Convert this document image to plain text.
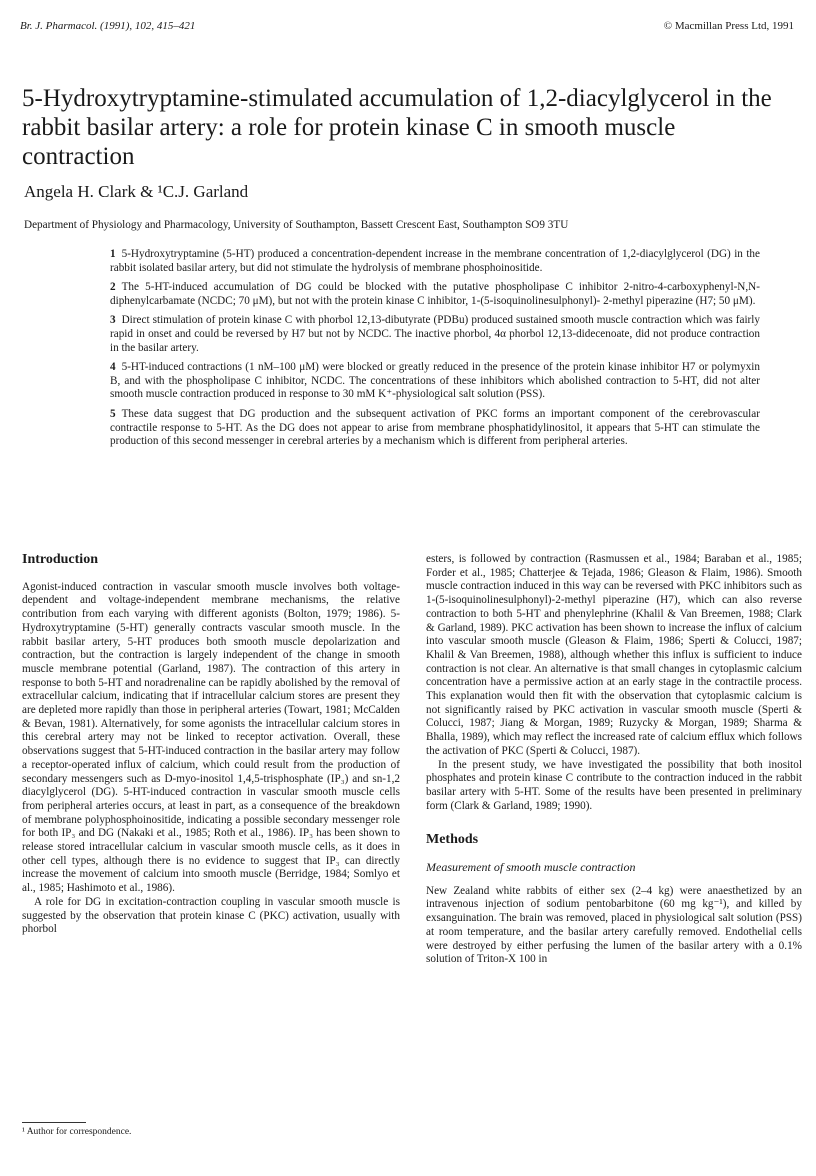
Br. J. Pharmacol. (1991), 102, 415–421	© Macmillan Press Ltd, 1991
5-Hydroxytryptamine-stimulated accumulation of 1,2-diacylglycerol in the rabbit basilar artery: a role for protein kinase C in smooth muscle contraction
Angela H. Clark & ¹C.J. Garland
Department of Physiology and Pharmacology, University of Southampton, Bassett Crescent East, Southampton SO9 3TU

1 5-Hydroxytryptamine (5-HT) produced a concentration-dependent increase in the membrane concentration of 1,2-diacylglycerol (DG) in the rabbit isolated basilar artery, but did not stimulate the hydrolysis of membrane phosphoinositide.

2 The 5-HT-induced accumulation of DG could be blocked with the putative phospholipase C inhibitor 2-nitro-4-carboxyphenyl-N,N-diphenylcarbamate (NCDC; 70 μM), but not with the protein kinase C inhibitor, 1-(5-isoquinolinesulphonyl)- 2-methyl piperazine (H7; 50 μM).

3 Direct stimulation of protein kinase C with phorbol 12,13-dibutyrate (PDBu) produced sustained smooth muscle contraction which was fairly rapid in onset and could be reversed by H7 but not by NCDC. The inactive phorbol, 4α phorbol 12,13-didecenoate, did not produce contraction in the basilar artery.

4 5-HT-induced contractions (1 nM–100 μM) were blocked or greatly reduced in the presence of the protein kinase inhibitor H7 or polymyxin B, and with the phospholipase C inhibitor, NCDC. The concentrations of these inhibitors which abolished contraction to 5-HT, did not alter smooth muscle contraction produced in response to 30 mM K⁺-physiological salt solution (PSS).

5 These data suggest that DG production and the subsequent activation of PKC forms an important component of the cerebrovascular contractile response to 5-HT. As the DG does not appear to arise from membrane phosphatidylinositol, it appears that 5-HT can stimulate the production of this second messenger in cerebral arteries by a mechanism which is different from peripheral arteries.

Introduction

Agonist-induced contraction in vascular smooth muscle involves both voltage-dependent and voltage-independent membrane mechanisms, the relative contribution from each varying with different agonists (Bolton, 1979; 1986). 5-Hydroxytryptamine (5-HT) generally contracts vascular smooth muscle. In the rabbit basilar artery, 5-HT produces both smooth muscle depolarization and contraction, but the contraction is largely independent of the change in smooth muscle membrane potential (Garland, 1987). The contraction of this artery in response to both 5-HT and noradrenaline can be rapidly abolished by the removal of extracellular calcium, indicating that if intracellular calcium stores are present they are depleted more rapidly than those in peripheral arteries (Towart, 1981; McCalden & Bevan, 1981). Alternatively, for some agonists the intracellular calcium stores in this cerebral artery may not be linked to receptor activation. Overall, these observations suggest that 5-HT-induced contraction in the basilar artery may follow a receptor-operated influx of calcium, which could result from the production of secondary messengers such as D-myo-inositol 1,4,5-trisphosphate (IP₃) and sn-1,2 diacylglycerol (DG). 5-HT-induced contraction in vascular smooth muscle cells from peripheral arteries occurs, at least in part, as a consequence of the breakdown of membrane polyphosphoinositide, indicating a possible secondary messenger role for both IP₃ and DG (Nakaki et al., 1985; Roth et al., 1986). IP₃ has been shown to release stored intracellular calcium in vascular smooth muscle cells, as it does in other cell types, although there is no evidence to suggest that IP₃ can directly increase the movement of calcium into smooth muscle (Berridge, 1984; Somlyo et al., 1985; Hashimoto et al., 1986).

A role for DG in excitation-contraction coupling in vascular smooth muscle is suggested by the observation that protein kinase C (PKC) activation, usually with phorbol

esters, is followed by contraction (Rasmussen et al., 1984; Baraban et al., 1985; Forder et al., 1985; Chatterjee & Tejada, 1986; Gleason & Flaim, 1986). Smooth muscle contraction induced in this way can be reversed with PKC inhibitors such as 1-(5-isoquinolinesulphonyl)-2-methyl piperazine (H7), which can also reverse contraction to both 5-HT and phenylephrine (Khalil & Van Breemen, 1988; Clark & Garland, 1989). PKC activation has been shown to increase the influx of calcium into vascular smooth muscle (Gleason & Flaim, 1986; Sperti & Colucci, 1987; Khalil & Van Breemen, 1988), although whether this influx is sufficient to induce contraction is not clear. An alternative is that small changes in cytoplasmic calcium concentration have a permissive action at an early stage in the contractile process. This explanation would then fit with the observation that cytoplasmic calcium is not significantly raised by PKC activation in vascular smooth muscle (Sperti & Colucci, 1987; Jiang & Morgan, 1989; Ruzycky & Morgan, 1989; Sharma & Bhalla, 1989), which may reflect the increased rate of calcium efflux which follows the activation of PKC (Sperti & Colucci, 1987).

In the present study, we have investigated the possibility that both inositol phosphates and protein kinase C contribute to the contraction induced in the rabbit basilar artery with 5-HT. Some of the results have been presented in preliminary form (Clark & Garland, 1989; 1990).

Methods
Measurement of smooth muscle contraction

New Zealand white rabbits of either sex (2–4 kg) were anaesthetized by an intravenous injection of sodium pentobarbitone (60 mg kg⁻¹), and killed by exsanguination. The brain was removed, placed in physiological salt solution (PSS) at room temperature, and the basilar artery carefully removed. Endothelial cells were destroyed by either perfusing the lumen of the basilar artery with a 0.1% solution of Triton-X 100 in

¹ Author for correspondence.
